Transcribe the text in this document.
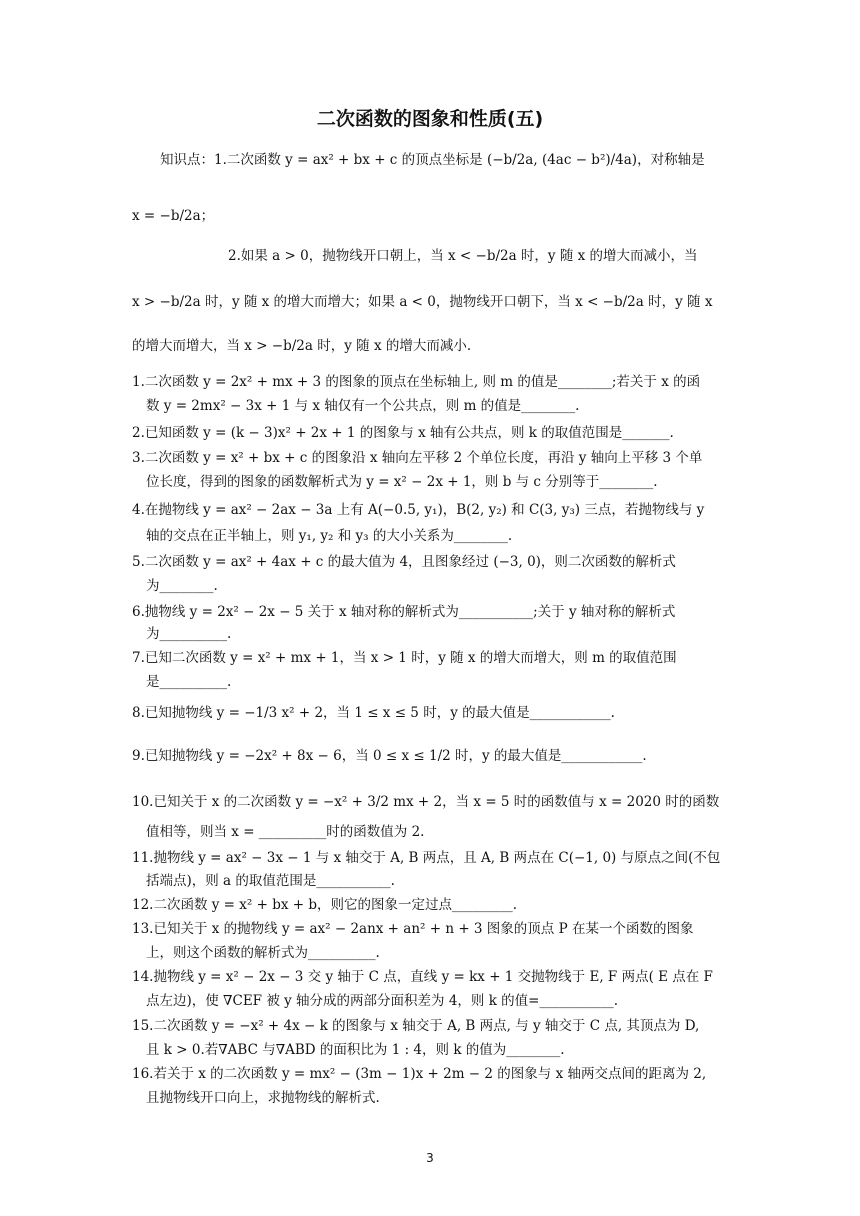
二次函数的图象和性质(五)
知识点：1.二次函数 y = ax² + bx + c 的顶点坐标是 (−b/2a, (4ac − b²)/4a)，对称轴是
x = −b/2a；
2.如果 a > 0，抛物线开口朝上，当 x < −b/2a 时，y 随 x 的增大而减小，当
x > −b/2a 时，y 随 x 的增大而增大；如果 a < 0，抛物线开口朝下，当 x < −b/2a 时，y 随 x
的增大而增大，当 x > −b/2a 时，y 随 x 的增大而减小.
1.二次函数 y = 2x² + mx + 3 的图象的顶点在坐标轴上, 则 m 的值是________;若关于 x 的函
数 y = 2mx² − 3x + 1 与 x 轴仅有一个公共点，则 m 的值是________.
2.已知函数 y = (k − 3)x² + 2x + 1 的图象与 x 轴有公共点，则 k 的取值范围是_______.
3.二次函数 y = x² + bx + c 的图象沿 x 轴向左平移 2 个单位长度，再沿 y 轴向上平移 3 个单
位长度，得到的图象的函数解析式为 y = x² − 2x + 1，则 b 与 c 分别等于________.
4.在抛物线 y = ax² − 2ax − 3a 上有 A(−0.5, y₁)，B(2, y₂) 和 C(3, y₃) 三点，若抛物线与 y
轴的交点在正半轴上，则 y₁, y₂ 和 y₃ 的大小关系为________.
5.二次函数 y = ax² + 4ax + c 的最大值为 4，且图象经过 (−3, 0)，则二次函数的解析式
为________.
6.抛物线 y = 2x² − 2x − 5 关于 x 轴对称的解析式为___________;关于 y 轴对称的解析式
为__________.
7.已知二次函数 y = x² + mx + 1，当 x > 1 时，y 随 x 的增大而增大，则 m 的取值范围
是__________.
8.已知抛物线 y = −1/3 x² + 2，当 1 ≤ x ≤ 5 时，y 的最大值是____________.
9.已知抛物线 y = −2x² + 8x − 6，当 0 ≤ x ≤ 1/2 时，y 的最大值是____________.
10.已知关于 x 的二次函数 y = −x² + 3/2 mx + 2，当 x = 5 时的函数值与 x = 2020 时的函数
值相等，则当 x = __________时的函数值为 2.
11.抛物线 y = ax² − 3x − 1 与 x 轴交于 A, B 两点，且 A, B 两点在 C(−1, 0) 与原点之间(不包
括端点)，则 a 的取值范围是___________.
12.二次函数 y = x² + bx + b，则它的图象一定过点_________.
13.已知关于 x 的抛物线 y = ax² − 2anx + an² + n + 3 图象的顶点 P 在某一个函数的图象
上，则这个函数的解析式为__________.
14.抛物线 y = x² − 2x − 3 交 y 轴于 C 点，直线 y = kx + 1 交抛物线于 E, F 两点( E 点在 F
点左边)，使 ∇CEF 被 y 轴分成的两部分面积差为 4，则 k 的值=___________.
15.二次函数 y = −x² + 4x − k 的图象与 x 轴交于 A, B 两点, 与 y 轴交于 C 点, 其顶点为 D,
且 k > 0.若∇ABC 与∇ABD 的面积比为 1 : 4，则 k 的值为________.
16.若关于 x 的二次函数 y = mx² − (3m − 1)x + 2m − 2 的图象与 x 轴两交点间的距离为 2,
且抛物线开口向上，求抛物线的解析式.
3
